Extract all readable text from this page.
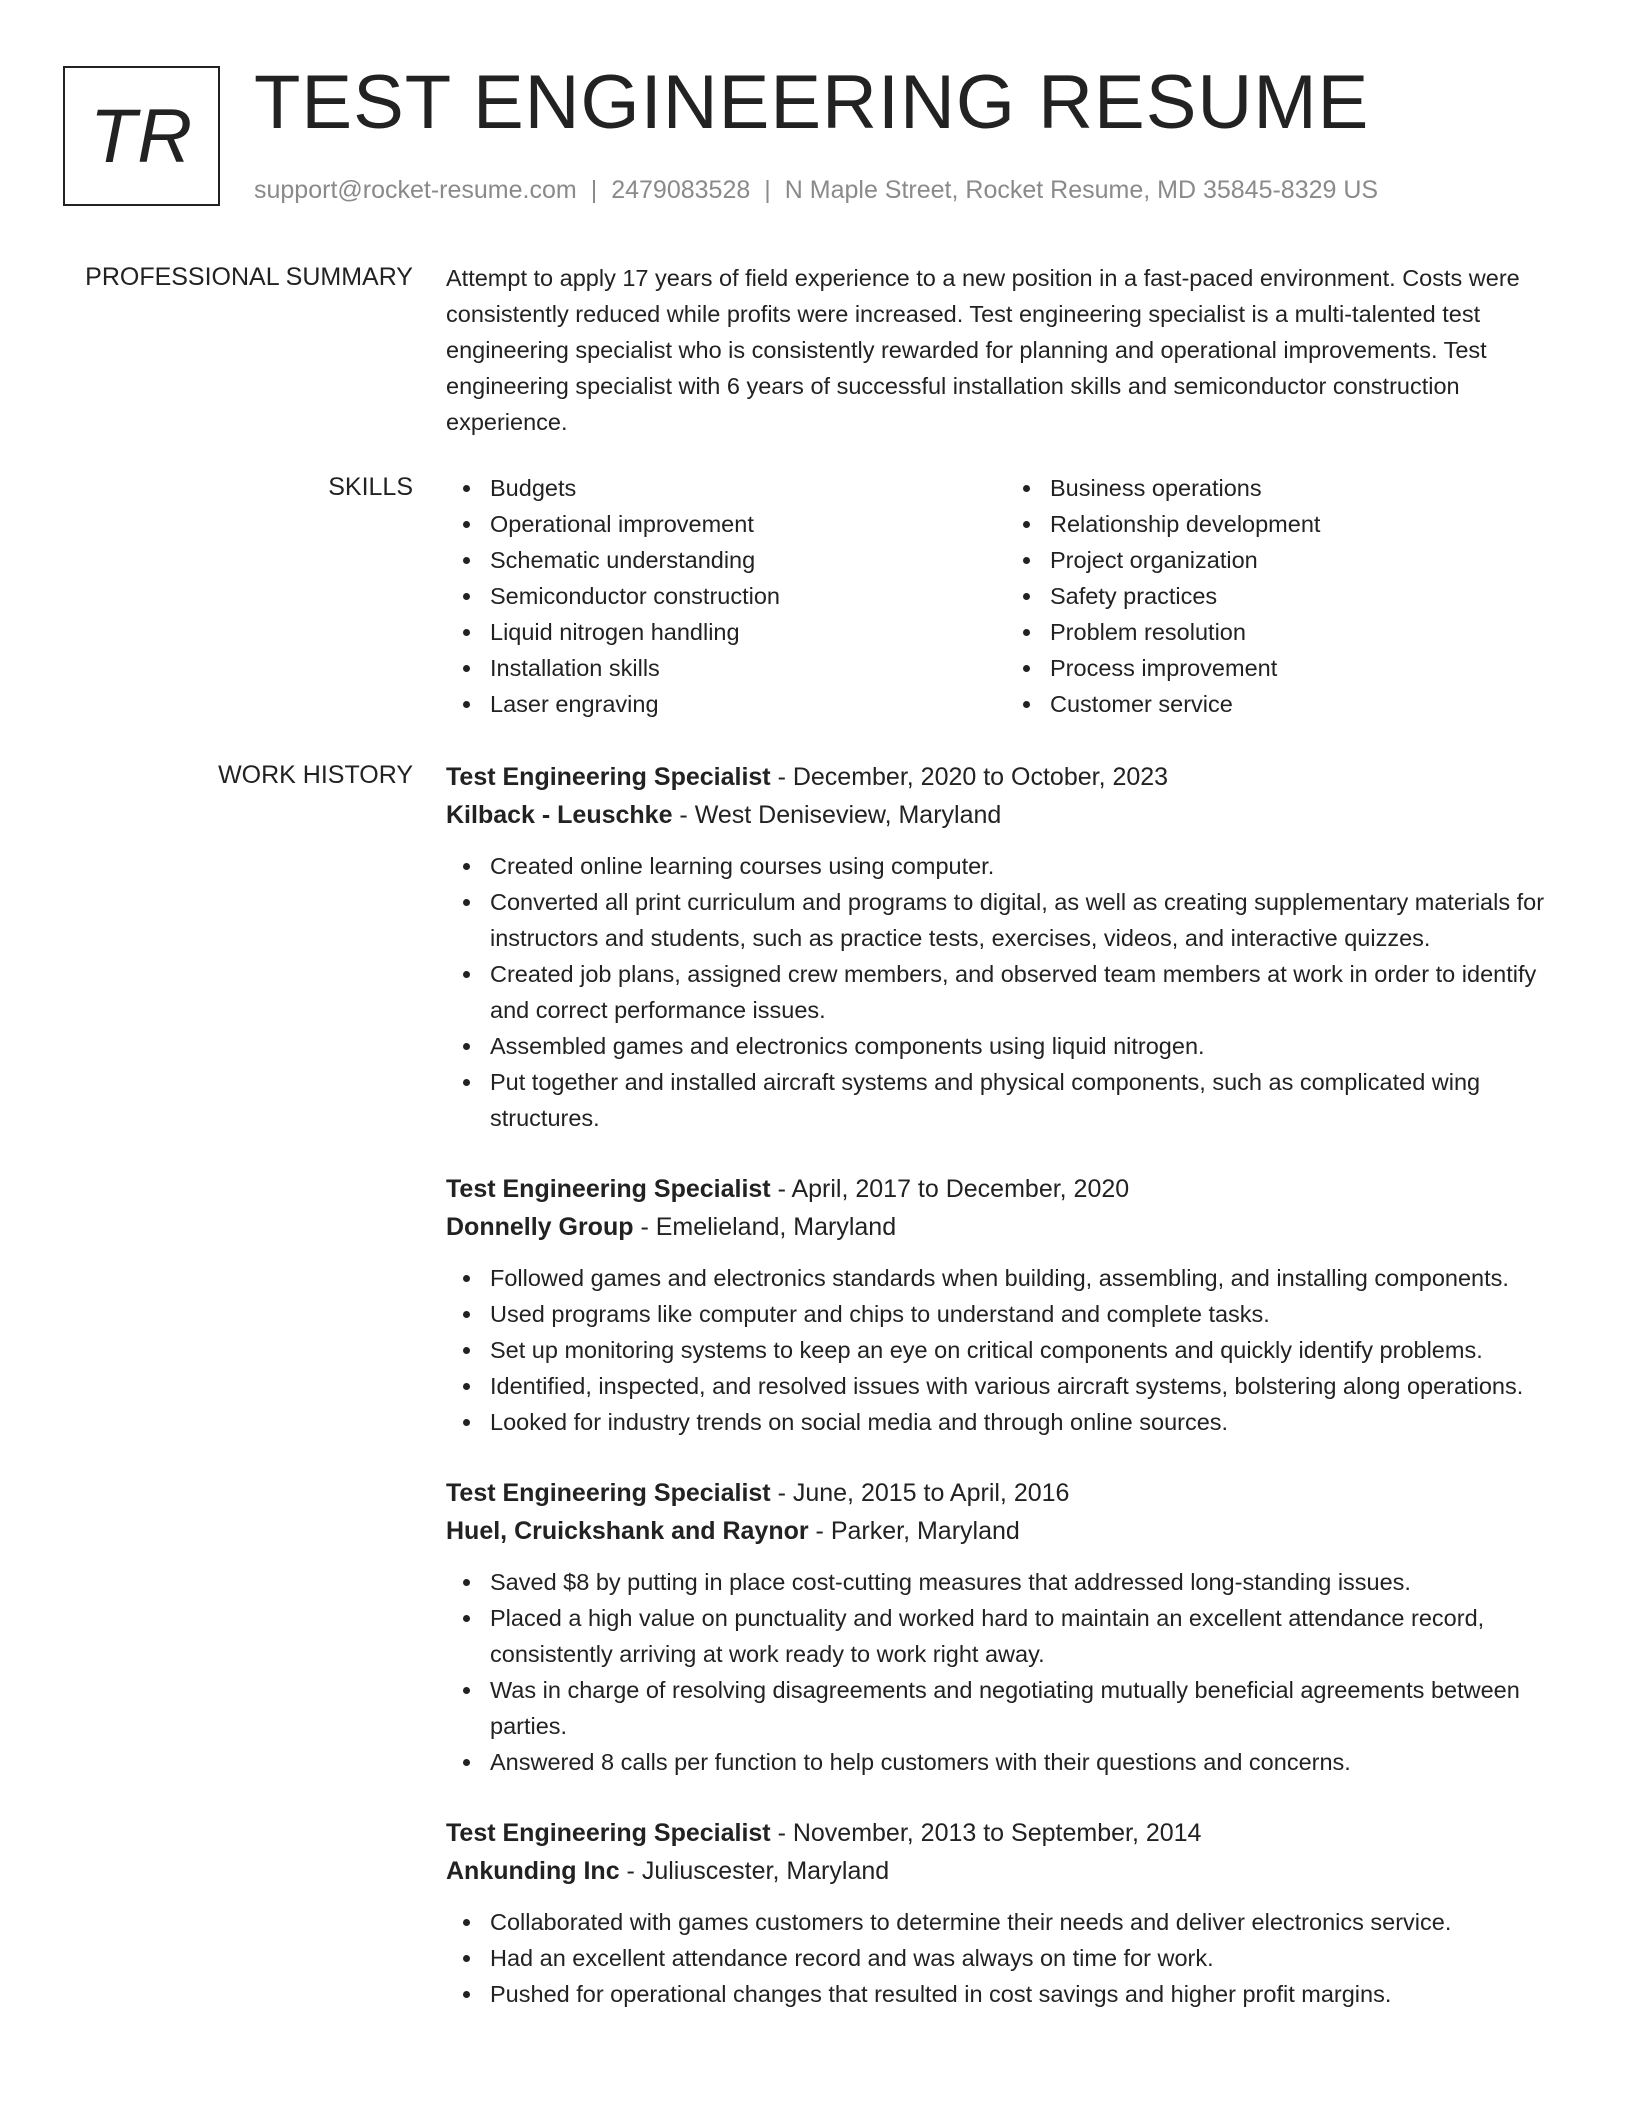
TR TEST ENGINEERING RESUME
support@rocket-resume.com | 2479083528 | N Maple Street, Rocket Resume, MD 35845-8329 US
PROFESSIONAL SUMMARY Attempt to apply 17 years of field experience to a new position in a fast-paced environment. Costs were consistently reduced while profits were increased. Test engineering specialist is a multi-talented test engineering specialist who is consistently rewarded for planning and operational improvements. Test engineering specialist with 6 years of successful installation skills and semiconductor construction experience.

SKILLS	Budgets
Operational improvement
Schematic understanding
Semiconductor construction
Liquid nitrogen handling
Installation skills
Laser engraving
Business operations
Relationship development
Project organization
Safety practices
Problem resolution
Process improvement
Customer service
WORK HISTORY Test Engineering Specialist - December, 2020 to October, 2023
Kilback - Leuschke - West Deniseview, Maryland
Created online learning courses using computer.
Converted all print curriculum and programs to digital, as well as creating supplementary materials for instructors and students, such as practice tests, exercises, videos, and interactive quizzes.
Created job plans, assigned crew members, and observed team members at work in order to identify and correct performance issues.
Assembled games and electronics components using liquid nitrogen.
Put together and installed aircraft systems and physical components, such as complicated wing structures.
Test Engineering Specialist - April, 2017 to December, 2020
Donnelly Group - Emelieland, Maryland
Followed games and electronics standards when building, assembling, and installing components.
Used programs like computer and chips to understand and complete tasks.
Set up monitoring systems to keep an eye on critical components and quickly identify problems.
Identified, inspected, and resolved issues with various aircraft systems, bolstering along operations.
Looked for industry trends on social media and through online sources.
Test Engineering Specialist - June, 2015 to April, 2016
Huel, Cruickshank and Raynor - Parker, Maryland
Saved $8 by putting in place cost-cutting measures that addressed long-standing issues.
Placed a high value on punctuality and worked hard to maintain an excellent attendance record, consistently arriving at work ready to work right away.
Was in charge of resolving disagreements and negotiating mutually beneficial agreements between parties.
Answered 8 calls per function to help customers with their questions and concerns.
Test Engineering Specialist - November, 2013 to September, 2014
Ankunding Inc - Juliuscester, Maryland
Collaborated with games customers to determine their needs and deliver electronics service.
Had an excellent attendance record and was always on time for work.
Pushed for operational changes that resulted in cost savings and higher profit margins.
